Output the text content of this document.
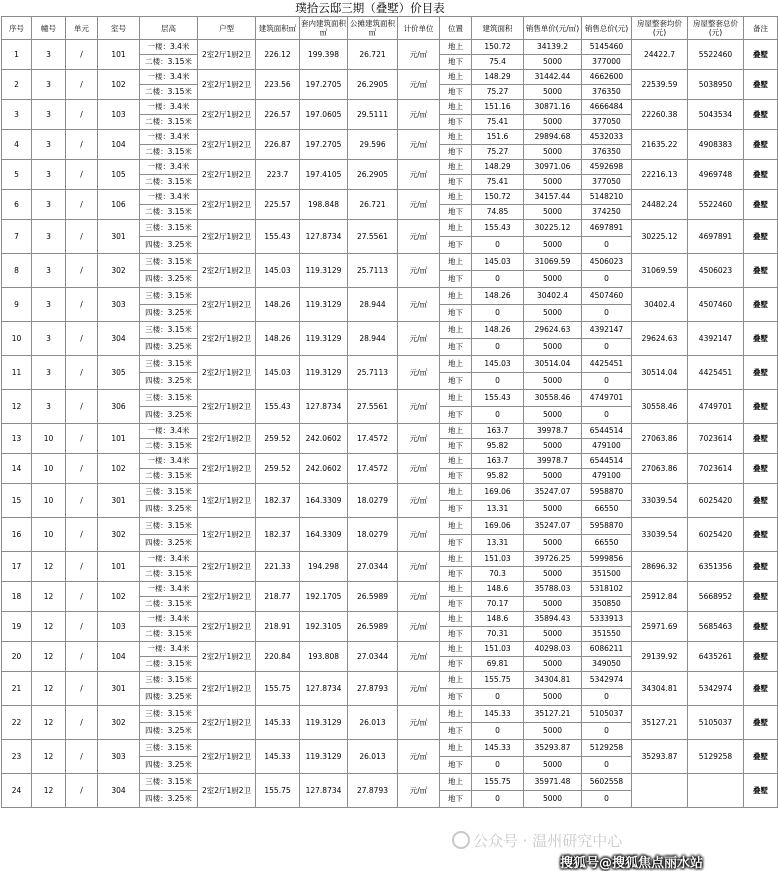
璞拾云邸三期（叠墅）价目表
序号	幢号	单元	室号	层高	户型	建筑面积㎡	套内建筑面积㎡	公摊建筑面积㎡	计价单位	位置	建筑面积	销售单价(元/㎡)	销售总价(元)	房屋整套均价(元)	房屋整套总价(元)	备注
1	3	/	101	一楼：3.4米	2室2厅1厨2卫	226.12	199.398	26.721	元/㎡	地上	150.72	34139.2	5145460	24422.7	5522460	叠墅
				二楼：3.15米						地下	75.4	5000	377000			
2	3	/	102	一楼：3.4米	2室2厅1厨2卫	223.56	197.2705	26.2905	元/㎡	地上	148.29	31442.44	4662600	22539.59	5038950	叠墅
				二楼：3.15米						地下	75.27	5000	376350			
3	3	/	103	一楼：3.4米	2室2厅1厨2卫	226.57	197.0605	29.5111	元/㎡	地上	151.16	30871.16	4666484	22260.38	5043534	叠墅
				二楼：3.15米						地下	75.41	5000	377050			
4	3	/	104	一楼：3.4米	2室2厅1厨2卫	226.87	197.2705	29.596	元/㎡	地上	151.6	29894.68	4532033	21635.22	4908383	叠墅
				二楼：3.15米						地下	75.27	5000	376350			
5	3	/	105	一楼：3.4米	2室2厅1厨2卫	223.7	197.4105	26.2905	元/㎡	地上	148.29	30971.06	4592698	22216.13	4969748	叠墅
				二楼：3.15米						地下	75.41	5000	377050			
6	3	/	106	一楼：3.4米	2室2厅1厨2卫	225.57	198.848	26.721	元/㎡	地上	150.72	34157.44	5148210	24482.24	5522460	叠墅
				二楼：3.15米						地下	74.85	5000	374250			
7	3	/	301	三楼：3.15米	2室2厅1厨2卫	155.43	127.8734	27.5561	元/㎡	地上	155.43	30225.12	4697891	30225.12	4697891	叠墅
				四楼：3.25米						地下	0	5000	0			
8	3	/	302	三楼：3.15米	2室2厅1厨2卫	145.03	119.3129	25.7113	元/㎡	地上	145.03	31069.59	4506023	31069.59	4506023	叠墅
				四楼：3.25米						地下	0	5000	0			
9	3	/	303	三楼：3.15米	2室2厅1厨2卫	148.26	119.3129	28.944	元/㎡	地上	148.26	30402.4	4507460	30402.4	4507460	叠墅
				四楼：3.25米						地下	0	5000	0			
10	3	/	304	三楼：3.15米	2室2厅1厨2卫	148.26	119.3129	28.944	元/㎡	地上	148.26	29624.63	4392147	29624.63	4392147	叠墅
				四楼：3.25米						地下	0	5000	0			
11	3	/	305	三楼：3.15米	2室2厅1厨2卫	145.03	119.3129	25.7113	元/㎡	地上	145.03	30514.04	4425451	30514.04	4425451	叠墅
				四楼：3.25米						地下	0	5000	0			
12	3	/	306	三楼：3.15米	2室2厅1厨2卫	155.43	127.8734	27.5561	元/㎡	地上	155.43	30558.46	4749701	30558.46	4749701	叠墅
				四楼：3.25米						地下	0	5000	0			
13	10	/	101	一楼：3.4米	2室2厅1厨2卫	259.52	242.0602	17.4572	元/㎡	地上	163.7	39978.7	6544514	27063.86	7023614	叠墅
				二楼：3.15米						地下	95.82	5000	479100			
14	10	/	102	一楼：3.4米	2室2厅1厨2卫	259.52	242.0602	17.4572	元/㎡	地上	163.7	39978.7	6544514	27063.86	7023614	叠墅
				二楼：3.15米						地下	95.82	5000	479100			
15	10	/	301	三楼：3.15米	1室2厅1厨2卫	182.37	164.3309	18.0279	元/㎡	地上	169.06	35247.07	5958870	33039.54	6025420	叠墅
				四楼：3.25米						地下	13.31	5000	66550			
16	10	/	302	三楼：3.15米	1室2厅1厨2卫	182.37	164.3309	18.0279	元/㎡	地上	169.06	35247.07	5958870	33039.54	6025420	叠墅
				四楼：3.25米						地下	13.31	5000	66550			
17	12	/	101	一楼：3.4米	2室2厅1厨2卫	221.33	194.298	27.0344	元/㎡	地上	151.03	39726.25	5999856	28696.32	6351356	叠墅
				二楼：3.15米						地下	70.3	5000	351500			
18	12	/	102	一楼：3.4米	2室2厅1厨2卫	218.77	192.1705	26.5989	元/㎡	地上	148.6	35788.03	5318102	25912.84	5668952	叠墅
				二楼：3.15米						地下	70.17	5000	350850			
19	12	/	103	一楼：3.4米	2室2厅1厨2卫	218.91	192.3105	26.5989	元/㎡	地上	148.6	35894.43	5333913	25971.69	5685463	叠墅
				二楼：3.15米						地下	70.31	5000	351550			
20	12	/	104	一楼：3.4米	2室2厅1厨2卫	220.84	193.808	27.0344	元/㎡	地上	151.03	40298.03	6086211	29139.92	6435261	叠墅
				二楼：3.15米						地下	69.81	5000	349050			
21	12	/	301	三楼：3.15米	2室2厅1厨2卫	155.75	127.8734	27.8793	元/㎡	地上	155.75	34304.81	5342974	34304.81	5342974	叠墅
				四楼：3.25米						地下	0	5000	0			
22	12	/	302	三楼：3.15米	2室2厅1厨2卫	145.33	119.3129	26.013	元/㎡	地上	145.33	35127.21	5105037	35127.21	5105037	叠墅
				四楼：3.25米						地下	0	5000	0			
23	12	/	303	三楼：3.15米	2室2厅1厨2卫	145.33	119.3129	26.013	元/㎡	地上	145.33	35293.87	5129258	35293.87	5129258	叠墅
				四楼：3.25米						地下	0	5000	0			
24	12	/	304	三楼：3.15米	2室2厅1厨2卫	155.75	127.8734	27.8793	元/㎡	地上	155.75	35971.48	5602558			叠墅
				四楼：3.25米						地下	0	5000	0			
公众号 · 温州研究中心
搜狐号@搜狐焦点丽水站
